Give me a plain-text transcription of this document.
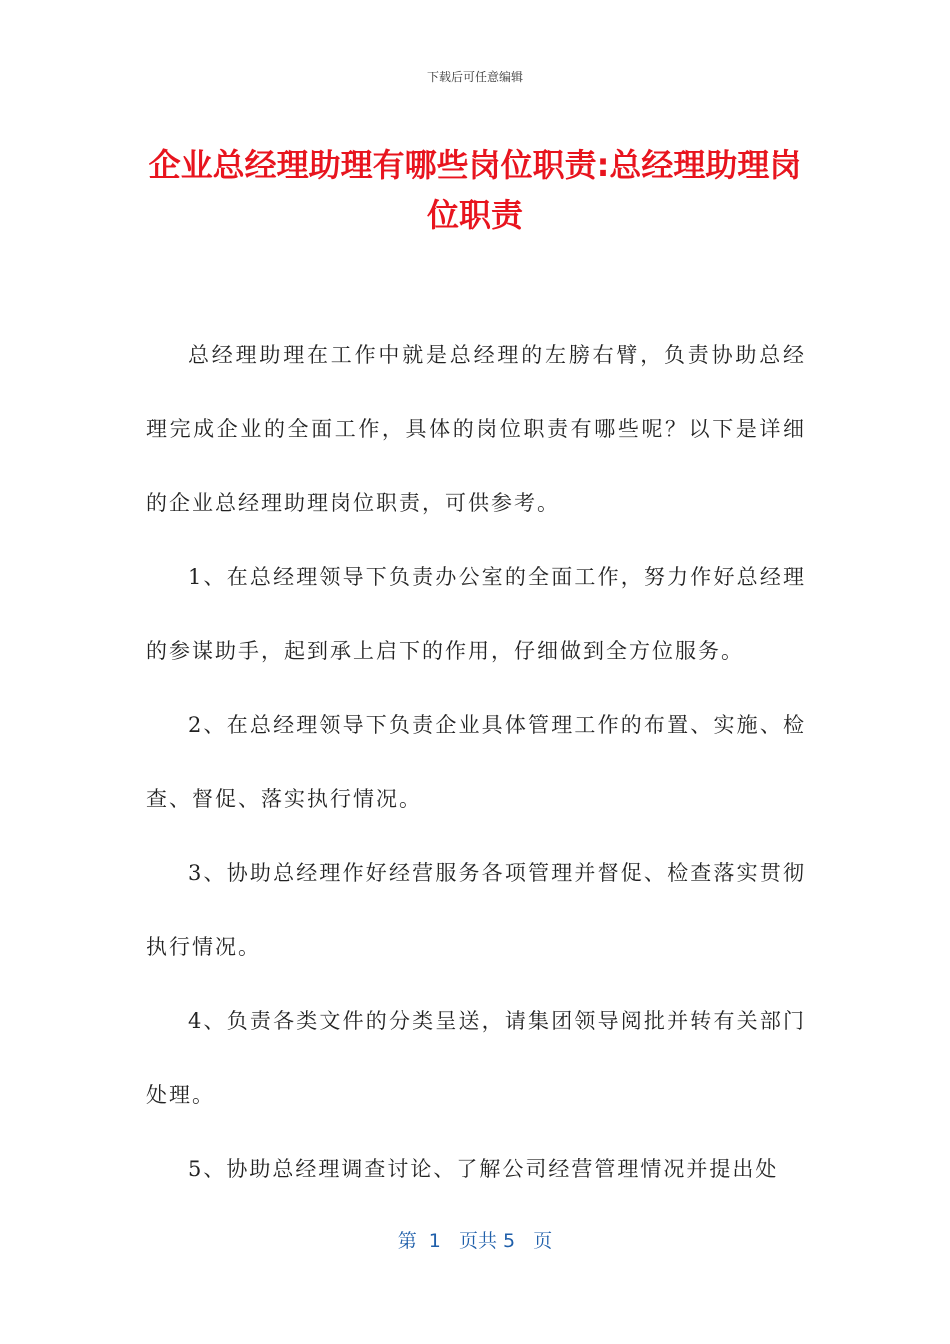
下载后可任意编辑
企业总经理助理有哪些岗位职责:总经理助理岗位职责

总经理助理在工作中就是总经理的左膀右臂，负责协助总经理完成企业的全面工作，具体的岗位职责有哪些呢？以下是详细的企业总经理助理岗位职责，可供参考。

1、在总经理领导下负责办公室的全面工作，努力作好总经理的参谋助手，起到承上启下的作用，仔细做到全方位服务。

2、在总经理领导下负责企业具体管理工作的布置、实施、检查、督促、落实执行情况。

3、协助总经理作好经营服务各项管理并督促、检查落实贯彻执行情况。

4、负责各类文件的分类呈送，请集团领导阅批并转有关部门处理。

5、协助总经理调查讨论、了解公司经营管理情况并提出处

第  1   页共 5   页
